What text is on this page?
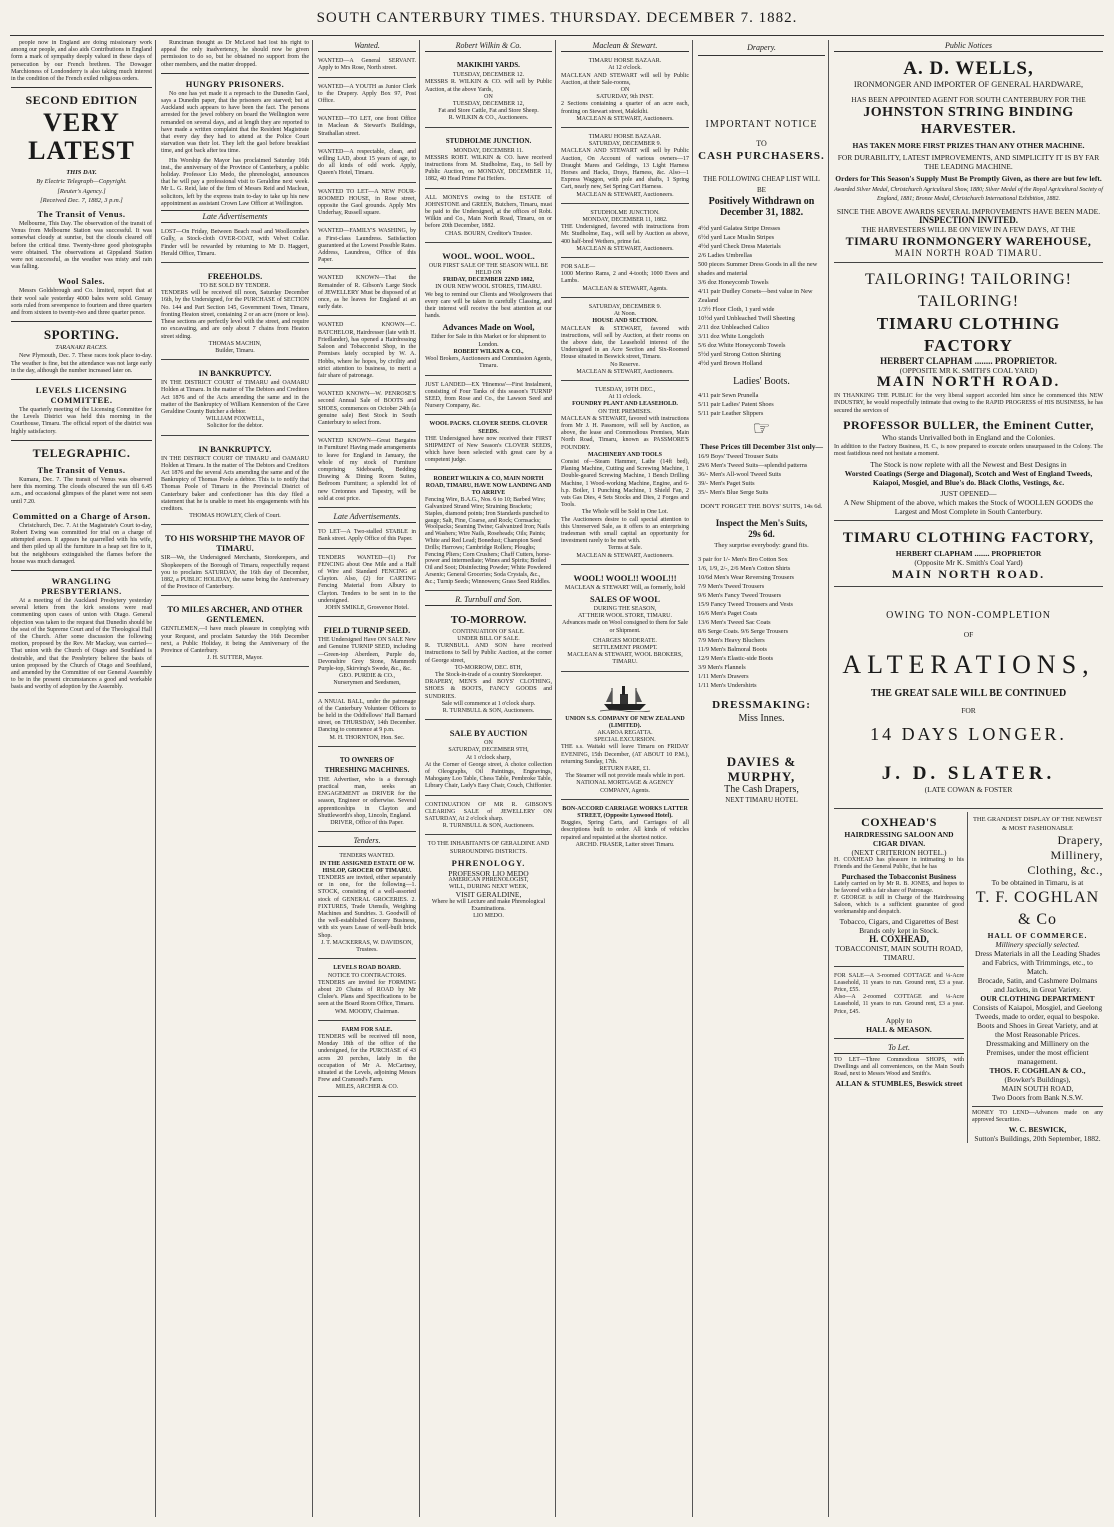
SOUTH CANTERBURY TIMES. THURSDAY. DECEMBER 7. 1882.
people now in England are doing missionary work among our people, and also aids Contributions in England form a mark of sympathy deeply valued in these days of persecution by our French brethren. The Dowager Marchioness of Londonderry is also taking much interest in the condition of the French exiled religious orders.
SECOND EDITION
VERY LATEST
THIS DAY.
By Electric Telegraph—Copyright.
[Reuter's Agency.]
[Received Dec. 7, 1882, 3 p.m.]
The Transit of Venus.
Melbourne, This Day. The observation of the transit of Venus from Melbourne Station was successful. It was somewhat cloudy at sunrise, but the clouds cleared off before the critical time. Twenty-three good photographs were obtained. The observations at Gippsland Station were not successful, as the weather was misty and rain was falling.
Wool Sales.
Messrs Goldsbrough and Co. limited, report that at their wool sale yesterday 4000 bales were sold. Greasy sorts ruled from sevenpence to fourteen and three quarters and from sixteen to twenty-two and three quarter pence.
SPORTING.
TARANAKI RACES.
New Plymouth, Dec. 7. These races took place to-day. The weather is fine, but the attendance was not large early in the day, although the number increased later on.
LEVELS LICENSING COMMITTEE.
The quarterly meeting of the Licensing Committee for the Levels District was held this morning in the Courthouse, Timaru. The official report of the district was highly satisfactory.
TELEGRAPHIC.
The Transit of Venus.
Kumara, Dec. 7. The transit of Venus was observed here this morning. The clouds obscured the sun till 6.45 a.m., and occasional glimpses of the planet were not seen until 7.20.
Committed on a Charge of Arson.
Christchurch, Dec. 7. At the Magistrate's Court to-day, Robert Ewing was committed for trial on a charge of attempted arson. It appears he quarrelled with his wife, and then piled up all the furniture in a heap set fire to it, but the neighbours extinguished the flames before the house was much damaged.
WRANGLING PRESBYTERIANS.
At a meeting of the Auckland Presbytery yesterday several letters from the kirk sessions were read commenting upon cases of union with Otago. General objection was taken to the request that Dunedin should be the seat of the Supreme Court and of the Theological Hall of the Church. After some discussion the following motion, proposed by the Rev. Mr Mackay, was carried—That union with the Church of Otago and Southland is desirable, and that the Presbytery believe the basis of union proposed by the Church of Otago and Southland, and amended by the Committee of our General Assembly to be in the present circumstances a good and workable basis and worthy of adoption by the Assembly.
Runciman thought as Dr McLeod had lost his right to appeal the only inadvertency, he should now be given permission to do so, but he obtained no support from the other members, and the matter dropped.
HUNGRY PRISONERS.
No one has yet made it a reproach to the Dunedin Gaol, says a Dunedin paper, that the prisoners are starved; but at Auckland such appears to have been the fact. The persons arrested for the jewel robbery on board the Wellington were remanded on several days, and at length they are reported to have made a written complaint that the Resident Magistrate that every day they had to attend at the Police Court starvation was their lot. They left the gaol before breakfast time, and got back after tea time.
His Worship the Mayor has proclaimed Saturday 16th inst., the anniversary of the Province of Canterbury, a public holiday. Professor Lio Medo, the phrenologist, announces that he will pay a professional visit to Geraldine next week. Mr L. G. Reid, late of the firm of Messrs Reid and Maclean, solicitors, left by the express train to-day to take up his new appointment as assistant Crown Law Officer at Wellington.
Late Advertisements
LOST—On Friday, Between Beach road and Woollcombe's Gully, a Stock-cloth OVER-COAT, with Velvet Collar. Finder will be rewarded by returning to Mr D. Haggert, Herald Office, Timaru.
FREEHOLDS.
TO BE SOLD BY TENDER.
TENDERS will be received till noon, Saturday December 16th, by the Undersigned, for the PURCHASE of SECTION No. 144 and Part Section 145, Government Town, Timaru, fronting Heaton street, containing 2 or an acre (more or less). These sections are perfectly level with the street, and require no excavating, and are only about 7 chains from Heaton street siding.
THOMAS MACHIN,
Builder, Timaru.
IN BANKRUPTCY.
IN THE DISTRICT COURT of TIMARU and OAMARU Holden at Timaru. In the matter of The Debtors and Creditors Act 1876 and of the Acts amending the same and in the matter of the Bankruptcy of William Kennerston of the Cave Geraldine County Butcher a debtor.
WILLIAM FOXWELL,
Solicitor for the debtor.
IN BANKRUPTCY.
IN THE DISTRICT COURT OF TIMARU and OAMARU Holden at Timaru. In the matter of The Debtors and Creditors Act 1876 and the several Acts amending the same and of the Bankruptcy of Thomas Poole a debtor. This is to notify that Thomas Poole of Timaru in the Provincial District of Canterbury baker and confectioner has this day filed a statement that he is unable to meet his engagements with his creditors.
THOMAS HOWLEY, Clerk of Court.
TO HIS WORSHIP THE MAYOR OF TIMARU.
SIR—We, the Undersigned Merchants, Storekeepers, and Shopkeepers of the Borough of Timaru, respectfully request you to proclaim SATURDAY, the 16th day of December, 1882, a PUBLIC HOLIDAY, the same being the Anniversary of the Province of Canterbury.
TO MILES ARCHER, AND OTHER GENTLEMEN.
GENTLEMEN,—I have much pleasure in complying with your Request, and proclaim Saturday the 16th December next, a Public Holiday, it being the Anniversary of the Province of Canterbury.
J. H. SUTTER, Mayor.
Wanted.
WANTED—A General SERVANT. Apply to Mrs Rose, North street.
WANTED—A YOUTH as Junior Clerk to the Drapery. Apply Box 97, Post Office.
WANTED—TO LET, one front Office in Maclean & Stewart's Buildings, Strathallan street.
WANTED—A respectable, clean, and willing LAD, about 15 years of age, to do all kinds of odd work. Apply, Queen's Hotel, Timaru.
WANTED TO LET—A NEW FOUR-ROOMED HOUSE, in Rose street, opposite the Gaol grounds. Apply Mrs Underhay, Russell square.
WANTED—FAMILY'S WASHING, by a First-class Laundress. Satisfaction guaranteed at the Lowest Possible Rates. Address, Laundress, Office of this Paper.
WANTED KNOWN—That the Remainder of R. Gibson's Large Stock of JEWELLERY Must be disposed of at once, as he leaves for England at an early date.
WANTED KNOWN—C. BATCHELOR, Hairdresser (late with H. Friedlander), has opened a Hairdressing Saloon and Tobacconist Shop, in the Premises lately occupied by W. A. Hobbs, where he hopes, by civility and strict attention to business, to merit a fair share of patronage.
WANTED KNOWN—W. PENROSE'S second Annual Sale of BOOTS and SHOES, commences on October 24th (a genuine sale) Best Stock in South Canterbury to select from.
WANTED KNOWN—Great Bargains in Furniture! Having made arrangements to leave for England in January, the whole of my stock of Furniture comprising Sideboards, Bedding Drawing & Dining Room Suites, Bedroom Furniture; a splendid lot of new Cretonnes and Tapestry, will be sold at cost price.
Late Advertisements.
TO LET—A Two-stalled STABLE in Bank street. Apply Office of this Paper.
TENDERS WANTED—(1) For FENCING about One Mile and a Half of Wire and Standard FENCING at Clayton. Also, (2) for CARTING Fencing Material from Albury to Clayton. Tenders to be sent in to the undersigned.
JOHN SMIKLE, Grosvenor Hotel.
FIELD TURNIP SEED.
THE Undersigned Have ON SALE New and Genuine TURNIP SEED, including—Green-top Aberdeen, Purple do, Devonshire Grey Stone, Mammoth Purple-top, Skirving's Swede, &c., &c.
GEO. PURDIE & CO.,
Nurserymen and Seedsmen,
A NNUAL BALL, under the patronage of the Canterbury Volunteer Officers to be held in the Oddfellows' Hall Barnard street, on THURSDAY, 14th December. Dancing to commence at 9 p.m.
M. H. THORNTON, Hon. Sec.
TO OWNERS OF THRESHING MACHINES.
THE Advertiser, who is a thorough practical man, seeks an ENGAGEMENT as DRIVER for the season, Engineer or otherwise. Several apprenticeships in Clayton and Shuttleworth's shop, Lincoln, England.
DRIVER, Office of this Paper.
Tenders.
TENDERS WANTED.
IN THE ASSIGNED ESTATE OF W. HISLOP, GROCER OF TIMARU.
TENDERS are invited, either separately or in one, for the following—1. STOCK, consisting of a well-assorted stock of GENERAL GROCERIES. 2. FIXTURES, Trade Utensils, Weighing Machines and Sundries. 3. Goodwill of the well-established Grocery Business, with six years Lease of well-built brick Shop.
J. T. MACKERRAS, W. DAVIDSON, Trustees.
LEVELS ROAD BOARD.
NOTICE TO CONTRACTORS.
TENDERS are invited for FORMING about 20 Chains of ROAD by Mr Clulee's. Plans and Specifications to be seen at the Board Room Office, Timaru.
WM. MOODY, Chairman.
FARM FOR SALE.
TENDERS will be received till noon, Monday 18th of the office of the undersigned, for the PURCHASE of 43 acres 20 perches, lately in the occupation of Mr A. McCartney, situated at the Levels, adjoining Messrs Frew and Cramond's Farm.
MILES, ARCHER & CO.
Robert Wilkin & Co.
MAKIKIHI YARDS.
TUESDAY, DECEMBER 12.
MESSRS R. WILKIN & CO. will sell by Public Auction, at the above Yards,
ON
TUESDAY, DECEMBER 12,
Fat and Store Cattle, Fat and Store Sheep.
R. WILKIN & CO., Auctioneers.
STUDHOLME JUNCTION.
MONDAY, DECEMBER 11.
MESSRS ROBT. WILKIN & CO. have received instructions from M. Studholme, Esq., to Sell by Public Auction, on MONDAY, DECEMBER 11, 1882, 40 Head Prime Fat Heifers.
ALL MONEYS owing to the ESTATE of JOHNSTONE and GREEN, Butchers, Timaru, must be paid to the Undersigned, at the offices of Robt. Wilkin and Co., Main North Road, Timaru, on or before 20th December, 1882.
CHAS. BOURN, Creditor's Trustee.
WOOL. WOOL. WOOL.
OUR FIRST SALE OF THE SEASON WILL BE HELD ON
FRIDAY, DECEMBER 22ND 1882,
IN OUR NEW WOOL STORES, TIMARU.
We beg to remind our Clients and Woolgrowers that every care will be taken in carefully Classing, and their interest will receive the best attention at our hands.
Advances Made on Wool,
Either for Sale in this Market or for shipment to London.
ROBERT WILKIN & CO.,
Wool Brokers, Auctioneers and Commission Agents, Timaru.
JUST LANDED—EX 'Hinemoa'—First Instalment, consisting of Four Tanks of this season's TURNIP SEED, from Rose and Co., the Lawson Seed and Nursery Company, &c.
WOOL PACKS. CLOVER SEEDS. CLOVER SEEDS.
THE Undersigned have now received their FIRST SHIPMENT of New Season's CLOVER SEEDS, which have been selected with great care by a competent judge.
ROBERT WILKIN & CO, MAIN NORTH ROAD, TIMARU, HAVE NOW LANDING AND TO ARRIVE
Fencing Wire, B.A.G., Nos. 6 to 10; Barbed Wire; Galvanized Strand Wire; Straining Brackets; Staples, diamond points; Iron Standards punched to gauge; Salt, Fine, Coarse, and Rock; Cornsacks; Woolpacks; Seaming Twine; Galvanized Iron; Nails and Washers; Wire Nails, Roseheads; Oils; Paints; White and Red Lead; Bonedust; Champion Seed Drills; Harrows; Cambridge Rollers; Ploughs; Fencing Pliers; Corn Crushers; Chaff Cutters, horse-power and intermediate; Wines and Spirits; Boiled Oil and Soot; Disinfecting Powder; White Powdered Arsenic; General Groceries; Soda Crystals, &c., &c.; Turnip Seeds; Winnowers; Grass Seed Riddles.
R. Turnbull and Son.
TO-MORROW.
CONTINUATION OF SALE.
UNDER BILL OF SALE.
R. TURNBULL AND SON have received instructions to Sell by Public Auction, at the corner of George street,
TO-MORROW, DEC. 8TH,
The Stock-in-trade of a country Storekeeper.
DRAPERY, MEN'S and BOYS' CLOTHING, SHOES & BOOTS, FANCY GOODS and SUNDRIES.
Sale will commence at 1 o'clock sharp.
R. TURNBULL & SON, Auctioneers.
SALE BY AUCTION
ON
SATURDAY, DECEMBER 9TH,
At 1 o'clock sharp,
At the Corner of George street, A choice collection of Oleographs, Oil Paintings, Engravings, Mahogany Loo Table, Chess Table, Pembroke Table, Library Chair, Lady's Easy Chair, Couch, Chiffonier.
CONTINUATION OF MR R. GIBSON'S CLEARING SALE of JEWELLERY ON SATURDAY, At 2 o'clock sharp.
R. TURNBULL & SON, Auctioneers.
TO THE INHABITANTS OF GERALDINE AND SURROUNDING DISTRICTS.
PHRENOLOGY.
PROFESSOR LIO MEDO
AMERICAN PHRENOLOGIST,
WILL, DURING NEXT WEEK,
VISIT GERALDINE,
Where he will Lecture and make Phrenological Examinations.
LIO MEDO.
Maclean & Stewart.
TIMARU HORSE BAZAAR.
At 12 o'clock.
MACLEAN AND STEWART will sell by Public Auction, at their Sale-rooms,
ON
SATURDAY, 9th INST.
2 Sections containing a quarter of an acre each, fronting on Stewart street, Makikihi.
MACLEAN & STEWART, Auctioneers.
TIMARU HORSE BAZAAR.
SATURDAY, DECEMBER 9.
MACLEAN AND STEWART will sell by Public Auction, On Account of various owners—17 Draught Mares and Geldings, 13 Light Harness Horses and Hacks, Drays, Harness, &c. Also—1 Express Waggon, with pole and shafts, 1 Spring Cart, nearly new, Set Spring Cart Harness.
MACLEAN & STEWART, Auctioneers.
STUDHOLME JUNCTION.
MONDAY, DECEMBER 11, 1882.
THE Undersigned, favored with instructions from Mr. Studholme, Esq., will sell by Auction as above, 400 half-bred Wethers, prime fat.
MACLEAN & STEWART, Auctioneers.
FOR SALE—
1000 Merino Rams, 2 and 4-tooth; 1000 Ewes and Lambs.
MACLEAN & STEWART, Agents.
SATURDAY, DECEMBER 9.
At Noon.
HOUSE AND SECTION.
MACLEAN & STEWART, favored with instructions, will sell by Auction, at their rooms on the above date, the Leasehold interest of the Undersigned in an Acre Section and Six-Roomed House situated in Beswick street, Timaru.
No Reserve.
MACLEAN & STEWART, Auctioneers.
TUESDAY, 19TH DEC.,
At 11 o'clock.
FOUNDRY PLANT AND LEASEHOLD.
ON THE PREMISES.
MACLEAN & STEWART, favored with instructions from Mr J. H. Passmore, will sell by Auction, as above, the lease and Commodious Premises, Main North Road, Timaru, known as PASSMORE'S FOUNDRY.
MACHINERY AND TOOLS
Consist of—Steam Hammer, Lathe (14ft bed), Planing Machine, Cutting and Screwing Machine, 1 Double-geared Screwing Machine, 1 Bench Drilling Machine, 1 Wood-working Machine, Engine, and 6-h.p. Boiler, 1 Punching Machine, 1 Shield Fan, 2 vats Gas Dies, 4 Sets Stocks and Dies, 2 Forges and Tools.
The Whole will be Sold in One Lot.
The Auctioneers desire to call special attention to this Unreserved Sale, as it offers to an enterprising tradesman with small capital an opportunity for investment rarely to be met with.
Terms at Sale.
MACLEAN & STEWART, Auctioneers.
WOOL! WOOL!! WOOL!!!
MACLEAN & STEWART Will, as formerly, hold
SALES OF WOOL
DURING THE SEASON,
AT THEIR WOOL STORE, TIMARU.
Advances made on Wool consigned to them for Sale or Shipment.
CHARGES MODERATE.
SETTLEMENT PROMPT.
MACLEAN & STEWART, WOOL BROKERS, TIMARU.
UNION S.S. COMPANY OF NEW ZEALAND (LIMITED).
AKAROA REGATTA.
SPECIAL EXCURSION.
THE s.s. Waitaki will leave Timaru on FRIDAY EVENING, 15th December, (AT ABOUT 10 P.M.), returning Sunday, 17th.
RETURN FARE, £1.
The Steamer will not provide meals while in port.
NATIONAL MORTGAGE & AGENCY COMPANY, Agents.
BON-ACCORD CARRIAGE WORKS LATTER STREET, (Opposite Lynwood Hotel).
Buggies, Spring Carts, and Carriages of all descriptions built to order. All kinds of vehicles repaired and repainted at the shortest notice.
ARCHD. FRASER, Latter street Timaru.
Drapery.
IMPORTANT NOTICE
TO
CASH PURCHASERS.
THE FOLLOWING CHEAP LIST WILL BE
Positively Withdrawn on
December 31, 1882.
4½d yard Galatea Stripe Dresses
6½d yard Lace Muslin Stripes
4½d yard Check Dress Materials
2/6 Ladies Umbrellas
500 pieces Summer Dress Goods in all the new shades and material
3/6 doz Honeycomb Towels
4/11 pair Dudley Corsets—best value in New Zealand
1/3½ Floor Cloth, 1 yard wide
10½d yard Unbleached Twill Sheeting
2/11 doz Unbleached Calico
3/11 doz White Longcloth
5/6 doz White Honeycomb Towels
5½d yard Strong Cotton Shirting
4½d yard Brown Holland
Ladies' Boots.
4/11 pair Sewn Prunella
5/11 pair Ladies' Patent Shoes
5/11 pair Leather Slippers
☞
These Prices till December 31st only—
16/9 Boys' Tweed Trouser Suits
29/6 Men's Tweed Suits—splendid patterns
36/- Men's All-wool Tweed Suits
39/- Men's Paget Suits
35/- Men's Blue Serge Suits
DON'T FORGET THE BOYS' SUITS, 14s 6d.
Inspect the Men's Suits,
29s 6d.
They surprise everybody: grand fits.
3 pair for 1/- Men's Bro Cotton Sox
1/6, 1/9, 2/-, 2/6 Men's Cotton Shirts
10/6d Men's Wear Reversing Trousers
7/9 Men's Tweed Trousers
9/6 Men's Fancy Tweed Trousers
15/9 Fancy Tweed Trousers and Vests
16/6 Men's Paget Coats
13/6 Men's Tweed Sac Coats
8/6 Serge Coats. 9/6 Serge Trousers
7/9 Men's Heavy Bluchers
11/9 Men's Balmoral Boots
12/9 Men's Elastic-side Boots
3/9 Men's Flannels
1/11 Men's Drawers
1/11 Men's Undershirts
DRESSMAKING:
Miss Innes.
DAVIES & MURPHY,
The Cash Drapers,
NEXT TIMARU HOTEL
Public Notices
A. D. WELLS,
IRONMONGER AND IMPORTER OF GENERAL HARDWARE,
HAS BEEN APPOINTED AGENT FOR SOUTH CANTERBURY FOR THE
JOHNSTON STRING BINDING HARVESTER.
HAS TAKEN MORE FIRST PRIZES THAN ANY OTHER MACHINE.
FOR DURABILITY, LATEST IMPROVEMENTS, AND SIMPLICITY IT IS BY FAR THE LEADING MACHINE.
Orders for This Season's Supply Must Be Promptly Given, as there are but few left.
Awarded Silver Medal, Christchurch Agricultural Show, 1880; Silver Medal of the Royal Agricultural Society of England, 1881; Bronze Medal, Christchurch International Exhibition, 1882.
SINCE THE ABOVE AWARDS SEVERAL IMPROVEMENTS HAVE BEEN MADE.
INSPECTION INVITED.
THE HARVESTERS WILL BE ON VIEW IN A FEW DAYS, AT THE
TIMARU IRONMONGERY WAREHOUSE,
MAIN NORTH ROAD TIMARU.
TAILORING! TAILORING! TAILORING!
TIMARU CLOTHING FACTORY
HERBERT CLAPHAM ........ PROPRIETOR.
(OPPOSITE MR K. SMITH'S COAL YARD)
MAIN NORTH ROAD.
IN THANKING THE PUBLIC for the very liberal support accorded him since he commenced this NEW INDUSTRY, he would respectfully intimate that owing to the RAPID PROGRESS of HIS BUSINESS, he has secured the services of
PROFESSOR BULLER, the Eminent Cutter,
Who stands Unrivalled both in England and the Colonies.
In addition to the Factory Business, H. C., is now prepared to execute orders unsurpassed in the Colony. The most fastidious need not hesitate a moment.
The Stock is now replete with all the Newest and Best Designs in
Worsted Coatings (Serge and Diagonal), Scotch and West of England Tweeds, Kaiapoi, Mosgiel, and Blue's do. Black Cloths, Vestings, &c.
JUST OPENED—
A New Shipment of the above, which makes the Stock of WOOLLEN GOODS the Largest and Most Complete in South Canterbury.
TIMARU CLOTHING FACTORY,
HERBERT CLAPHAM ........ PROPRIETOR
(Opposite Mr K. Smith's Coal Yard)
MAIN NORTH ROAD.
OWING TO NON-COMPLETION
OF
ALTERATIONS,
THE GREAT SALE WILL BE CONTINUED
FOR
14 DAYS LONGER.
J. D. SLATER.
(LATE COWAN & FOSTER
COXHEAD'S
HAIRDRESSING SALOON AND CIGAR DIVAN.
(NEXT CRITERION HOTEL.)
H. COXHEAD has pleasure in intimating to his Friends and the General Public, that he has
Purchased the Tobacconist Business
Lately carried on by Mr R. B. JONES, and hopes to be favored with a fair share of Patronage.
F. GEORGE is still in Charge of the Hairdressing Saloon, which is a sufficient guarantee of good workmanship and despatch.
Tobacco, Cigars, and Cigarettes of Best Brands only kept in Stock.
H. COXHEAD,
TOBACCONIST, MAIN SOUTH ROAD, TIMARU.
FOR SALE—A 3-roomed COTTAGE and ¼-Acre Leasehold, 11 years to run. Ground rent, £3 a year. Price, £55.
Also—A 2-roomed COTTAGE and ¼-Acre Leasehold, 11 years to run. Ground rent, £3 a year. Price, £45.
Apply to
HALL & MEASON.
To Let.
TO LET—Three Commodious SHOPS, with Dwellings and all conveniences, on the Main South Road, next to Messrs Wood and Smith's.
ALLAN & STUMBLES, Beswick street
THE GRANDEST DISPLAY OF THE NEWEST & MOST FASHIONABLE
Drapery,
Millinery,
Clothing, &c.,
To be obtained in Timaru, is at
T. F. COGHLAN & Co
HALL OF COMMERCE.
Millinery specially selected.
Dress Materials in all the Leading Shades and Fabrics, with Trimmings, etc., to Match.
Brocade, Satin, and Cashmere Dolmans and Jackets, in Great Variety.
OUR CLOTHING DEPARTMENT
Consists of Kaiapoi, Mosgiel, and Geelong Tweeds, made to order, equal to bespoke.
Boots and Shoes in Great Variety, and at the Most Reasonable Prices.
Dressmaking and Millinery on the Premises, under the most efficient management.
THOS. F. COGHLAN & CO.,
(Bowker's Buildings),
MAIN SOUTH ROAD,
Two Doors from Bank N.S.W.
MONEY TO LEND—Advances made on any approved Securities.
W. C. BESWICK,
Sutton's Buildings, 20th September, 1882.
